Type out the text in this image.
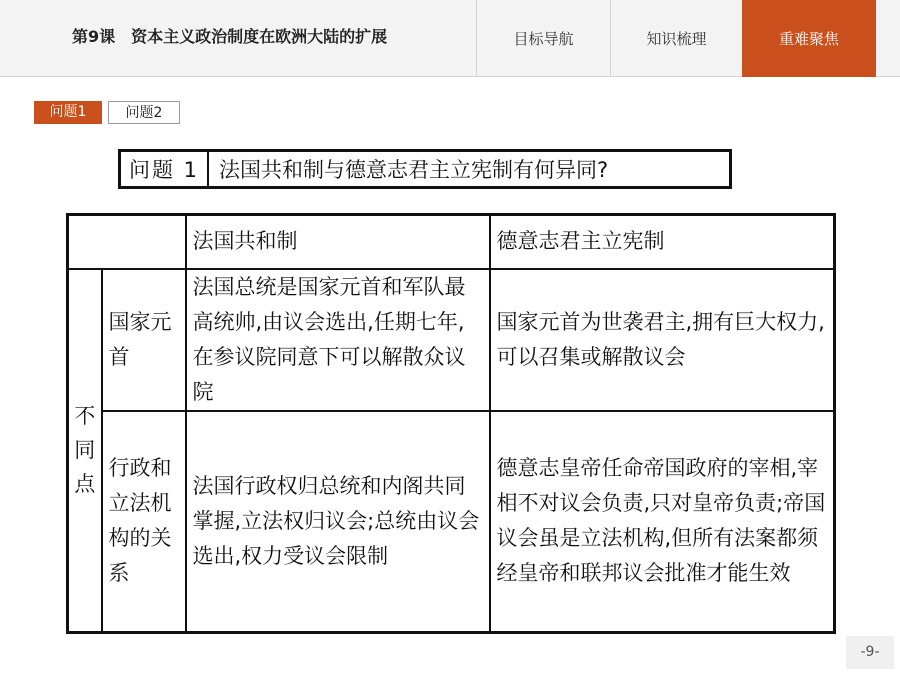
第9课 资本主义政治制度在欧洲大陆的扩展	目标导航	知识梳理	重难聚焦
问题1	问题2
问题 1 法国共和制与德意志君主立宪制有何异同?
		法国共和制	德意志君主立宪制
不同点	国家元首	法国总统是国家元首和军队最高统帅,由议会选出,任期七年,在参议院同意下可以解散众议院	国家元首为世袭君主,拥有巨大权力,可以召集或解散议会
	行政和立法机构的关系	法国行政权归总统和内阁共同掌握,立法权归议会;总统由议会选出,权力受议会限制	德意志皇帝任命帝国政府的宰相,宰相不对议会负责,只对皇帝负责;帝国议会虽是立法机构,但所有法案都须经皇帝和联邦议会批准才能生效
-9-
